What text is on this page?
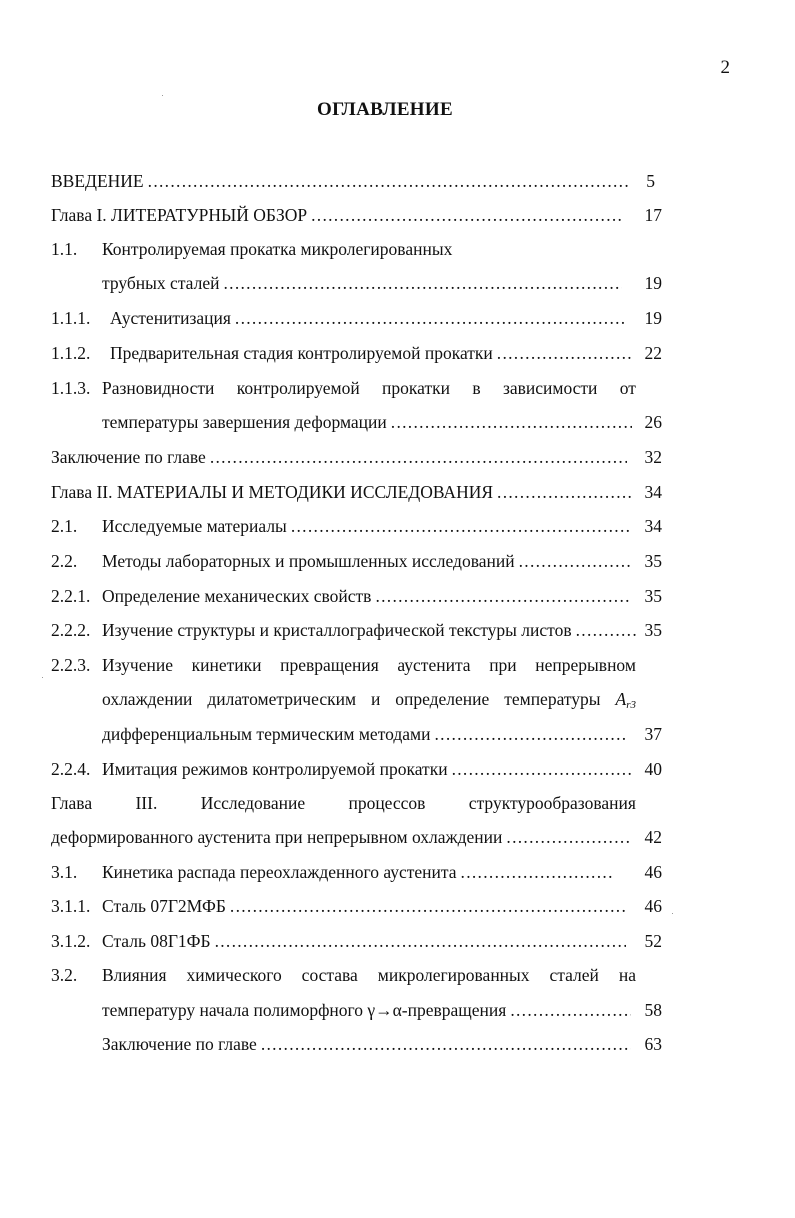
2
ОГЛАВЛЕНИЕ
ВВЕДЕНИЕ .....	5
Глава I. ЛИТЕРАТУРНЫЙ ОБЗОР .....	17
1.1. Контролируемая прокатка микролегированных
трубных сталей .....	19
1.1.1. Аустенитизация .....	19
1.1.2. Предварительная стадия контролируемой прокатки .....	22
1.1.3. Разновидности контролируемой прокатки в зависимости от
температуры завершения деформации .....	26
Заключение по главе .....	32
Глава II. МАТЕРИАЛЫ И МЕТОДИКИ ИССЛЕДОВАНИЯ .....	34
2.1. Исследуемые материалы .....	34
2.2. Методы лабораторных и промышленных исследований .....	35
2.2.1. Определение механических свойств .....	35
2.2.2. Изучение структуры и кристаллографической текстуры листов .....	35
2.2.3. Изучение кинетики превращения аустенита при непрерывном
охлаждении дилатометрическим и определение температуры $A_{r3}$
дифференциальным термическим методами .....	37
2.2.4. Имитация режимов контролируемой прокатки .....	40
Глава III. Исследование процессов структурообразования
деформированного аустенита при непрерывном охлаждении .....	42
3.1. Кинетика распада переохлажденного аустенита .....	46
3.1.1. Сталь 07Г2МФБ .....	46
3.1.2. Сталь 08Г1ФБ .....	52
3.2. Влияния химического состава микролегированных сталей на
температуру начала полиморфного γ→α-превращения .....	58
Заключение по главе .....	63
